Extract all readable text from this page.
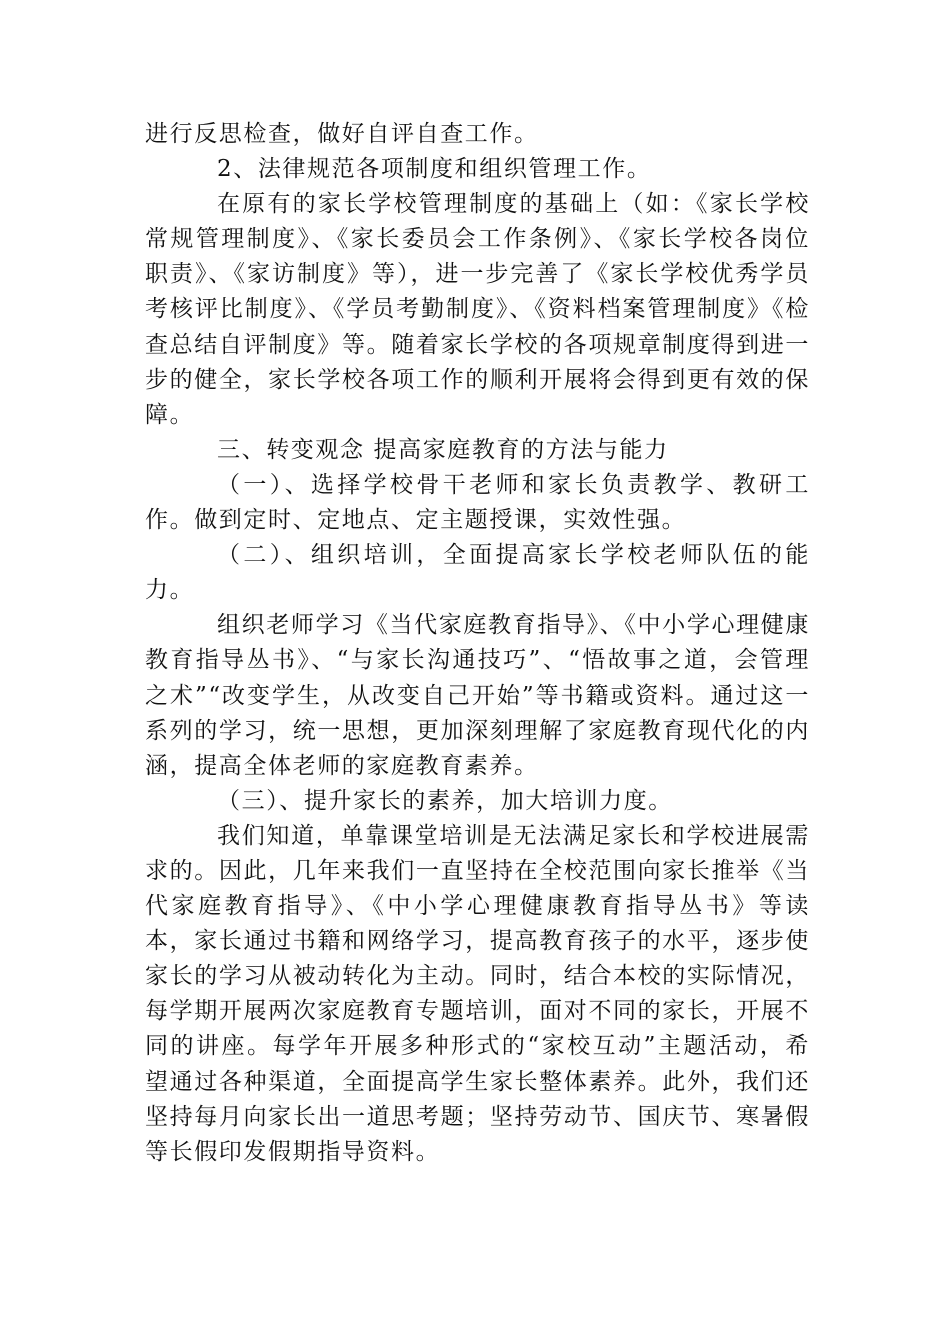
进行反思检查，做好自评自查工作。

2、法律规范各项制度和组织管理工作。

在原有的家长学校管理制度的基础上（如：《家长学校常规管理制度》、《家长委员会工作条例》、《家长学校各岗位职责》、《家访制度》等），进一步完善了《家长学校优秀学员考核评比制度》、《学员考勤制度》、《资料档案管理制度》《检查总结自评制度》等。随着家长学校的各项规章制度得到进一步的健全，家长学校各项工作的顺利开展将会得到更有效的保障。

三、转变观念 提高家庭教育的方法与能力

（一）、选择学校骨干老师和家长负责教学、教研工作。做到定时、定地点、定主题授课，实效性强。

（二）、组织培训，全面提高家长学校老师队伍的能力。

组织老师学习《当代家庭教育指导》、《中小学心理健康教育指导丛书》、“与家长沟通技巧”、“悟故事之道，会管理之术”“改变学生，从改变自己开始”等书籍或资料。通过这一系列的学习，统一思想，更加深刻理解了家庭教育现代化的内涵，提高全体老师的家庭教育素养。

（三）、提升家长的素养，加大培训力度。

我们知道，单靠课堂培训是无法满足家长和学校进展需求的。因此，几年来我们一直坚持在全校范围向家长推举《当代家庭教育指导》、《中小学心理健康教育指导丛书》等读本，家长通过书籍和网络学习，提高教育孩子的水平，逐步使家长的学习从被动转化为主动。同时，结合本校的实际情况，每学期开展两次家庭教育专题培训，面对不同的家长，开展不同的讲座。每学年开展多种形式的“家校互动”主题活动，希望通过各种渠道，全面提高学生家长整体素养。此外，我们还坚持每月向家长出一道思考题；坚持劳动节、国庆节、寒暑假等长假印发假期指导资料。
